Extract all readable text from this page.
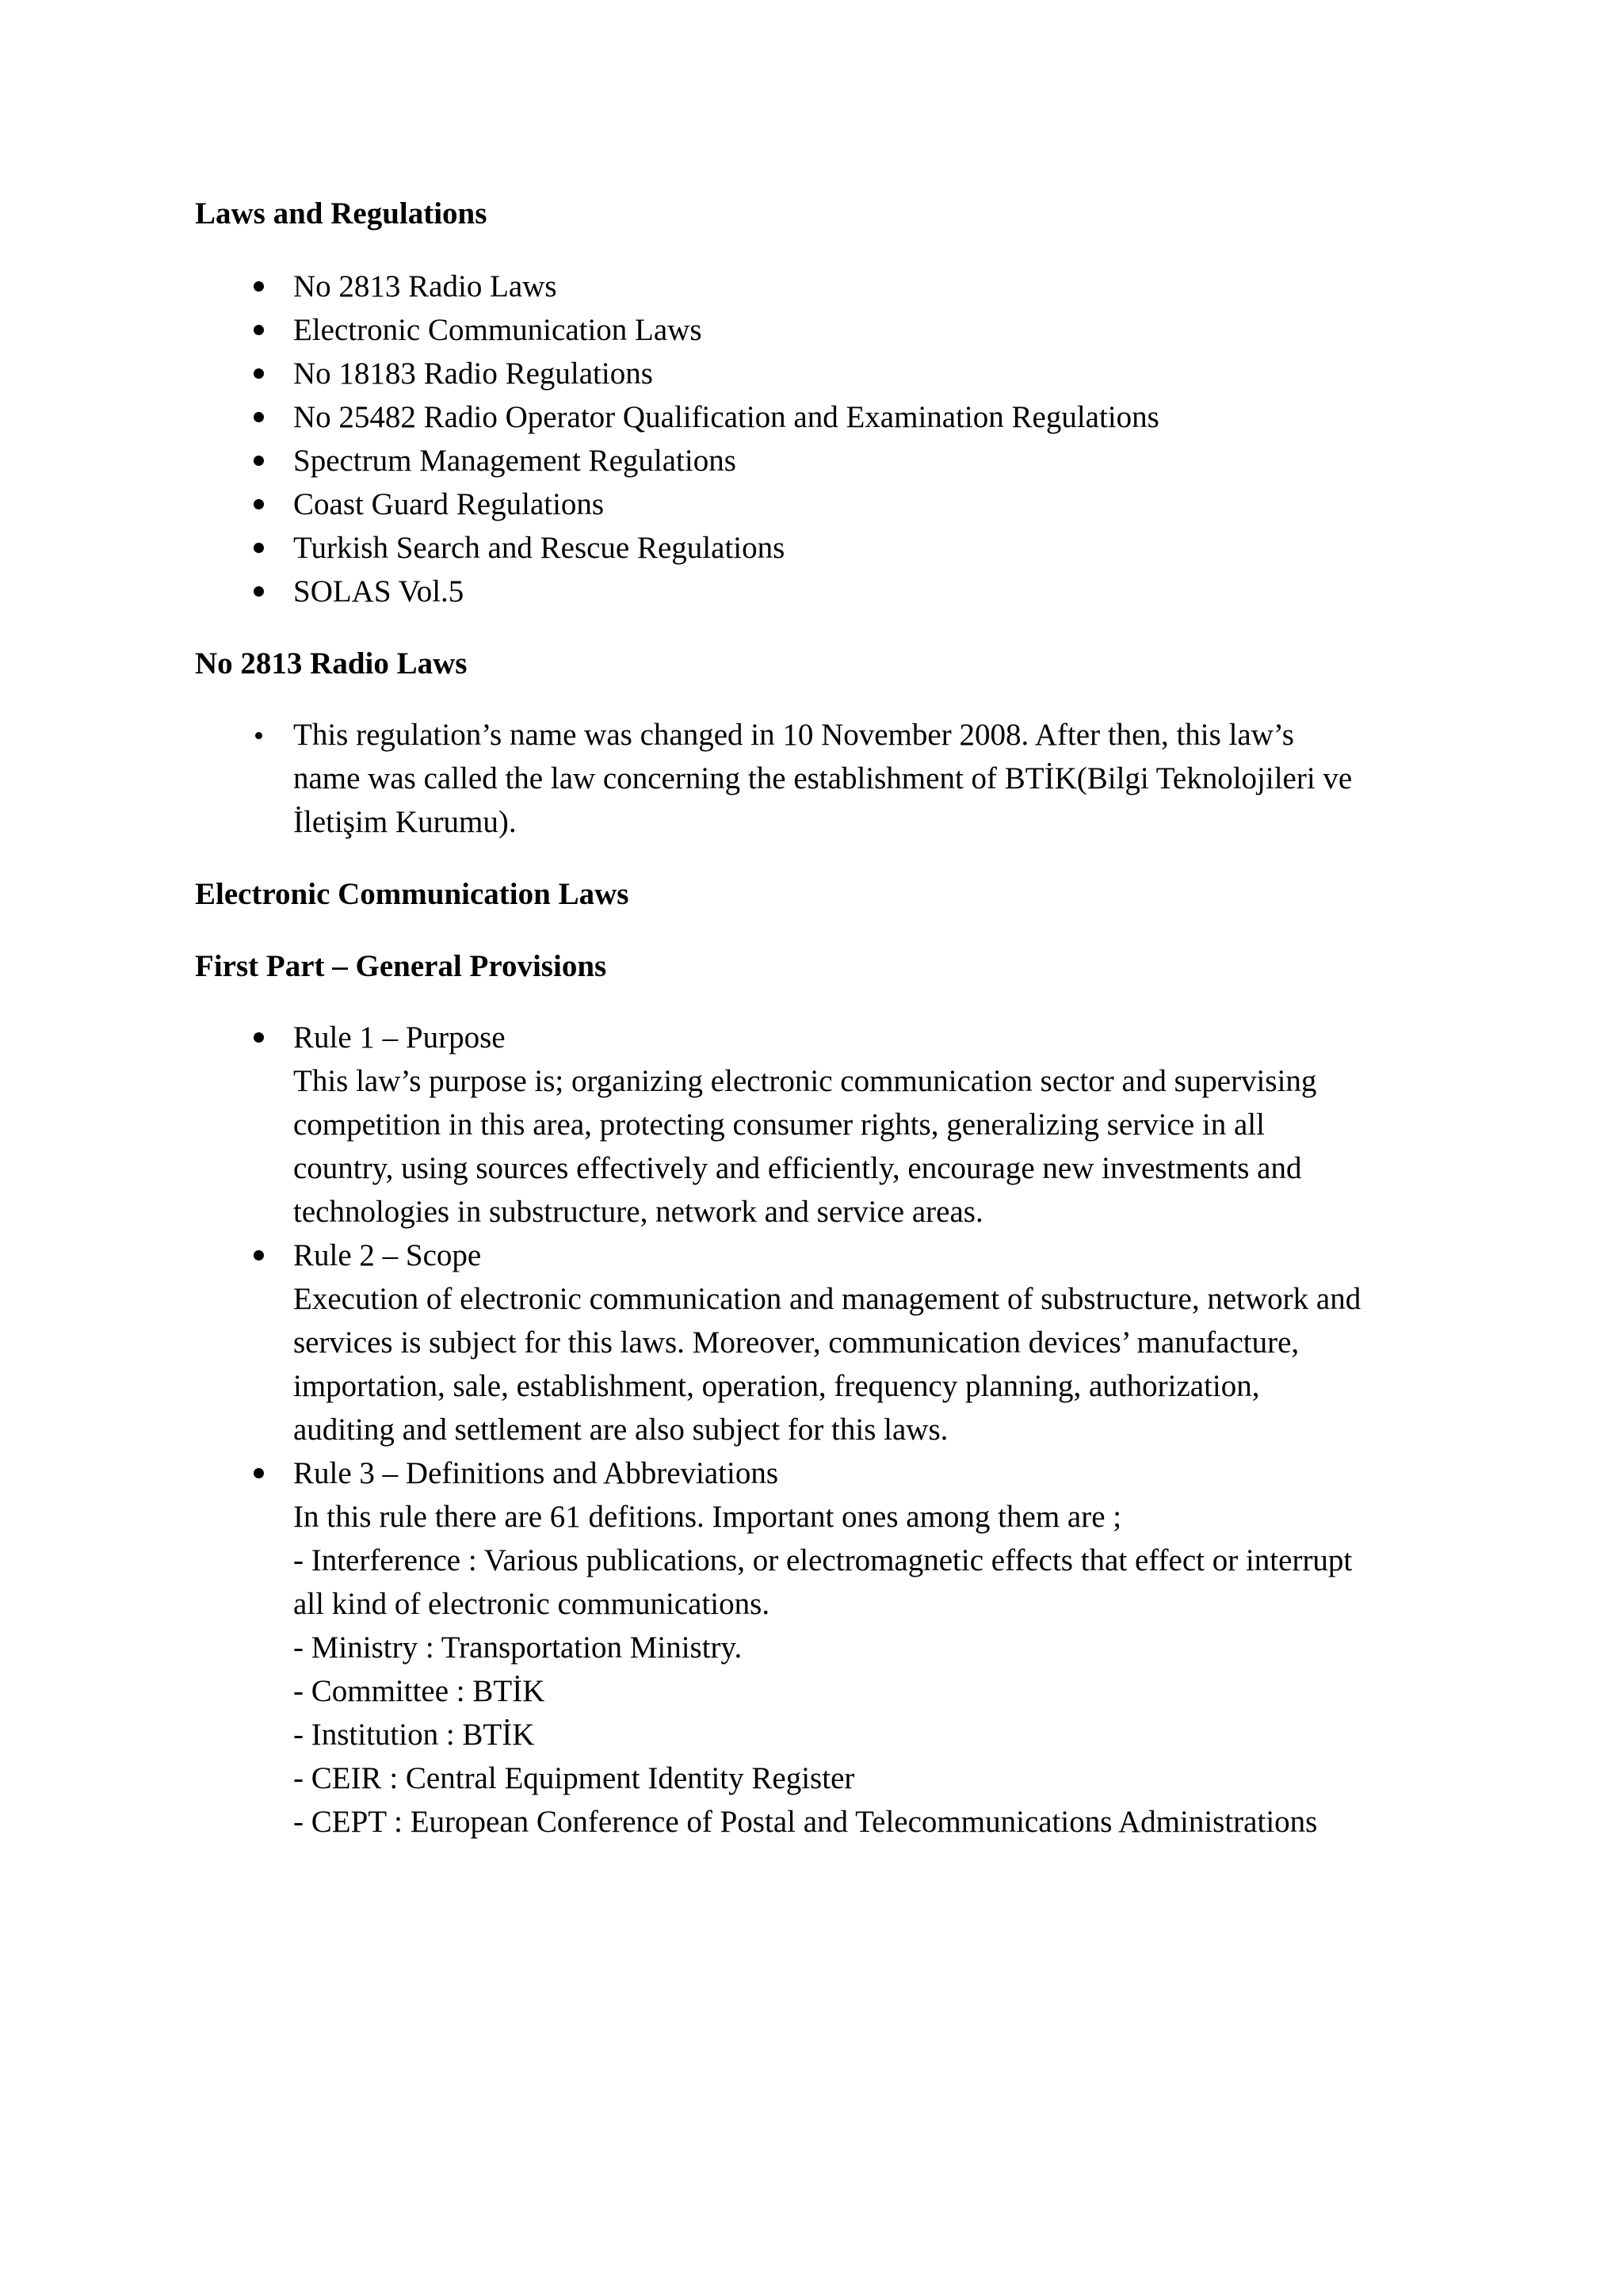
Laws and Regulations

No 2813 Radio Laws
Electronic Communication Laws
No 18183 Radio Regulations
No 25482 Radio Operator Qualification and Examination Regulations
Spectrum Management Regulations
Coast Guard Regulations
Turkish Search and Rescue Regulations
SOLAS Vol.5

No 2813 Radio Laws

This regulation’s name was changed in 10 November 2008. After then, this law’s
name was called the law concerning the establishment of BTİK(Bilgi Teknolojileri ve
İletişim Kurumu).

Electronic Communication Laws

First Part – General Provisions

Rule 1 – Purpose
This law’s purpose is; organizing electronic communication sector and supervising
competition in this area, protecting consumer rights, generalizing service in all
country, using sources effectively and efficiently, encourage new investments and
technologies in substructure, network and service areas.
Rule 2 – Scope
Execution of electronic communication and management of substructure, network and
services is subject for this laws. Moreover, communication devices’ manufacture,
importation, sale, establishment, operation, frequency planning, authorization,
auditing and settlement are also subject for this laws.
Rule 3 – Definitions and Abbreviations
In this rule there are 61 defitions. Important ones among them are ;
- Interference : Various publications, or electromagnetic effects that effect or interrupt
all kind of electronic communications.
- Ministry : Transportation Ministry.
- Committee : BTİK
- Institution : BTİK
- CEIR : Central Equipment Identity Register
- CEPT : European Conference of Postal and Telecommunications Administrations
